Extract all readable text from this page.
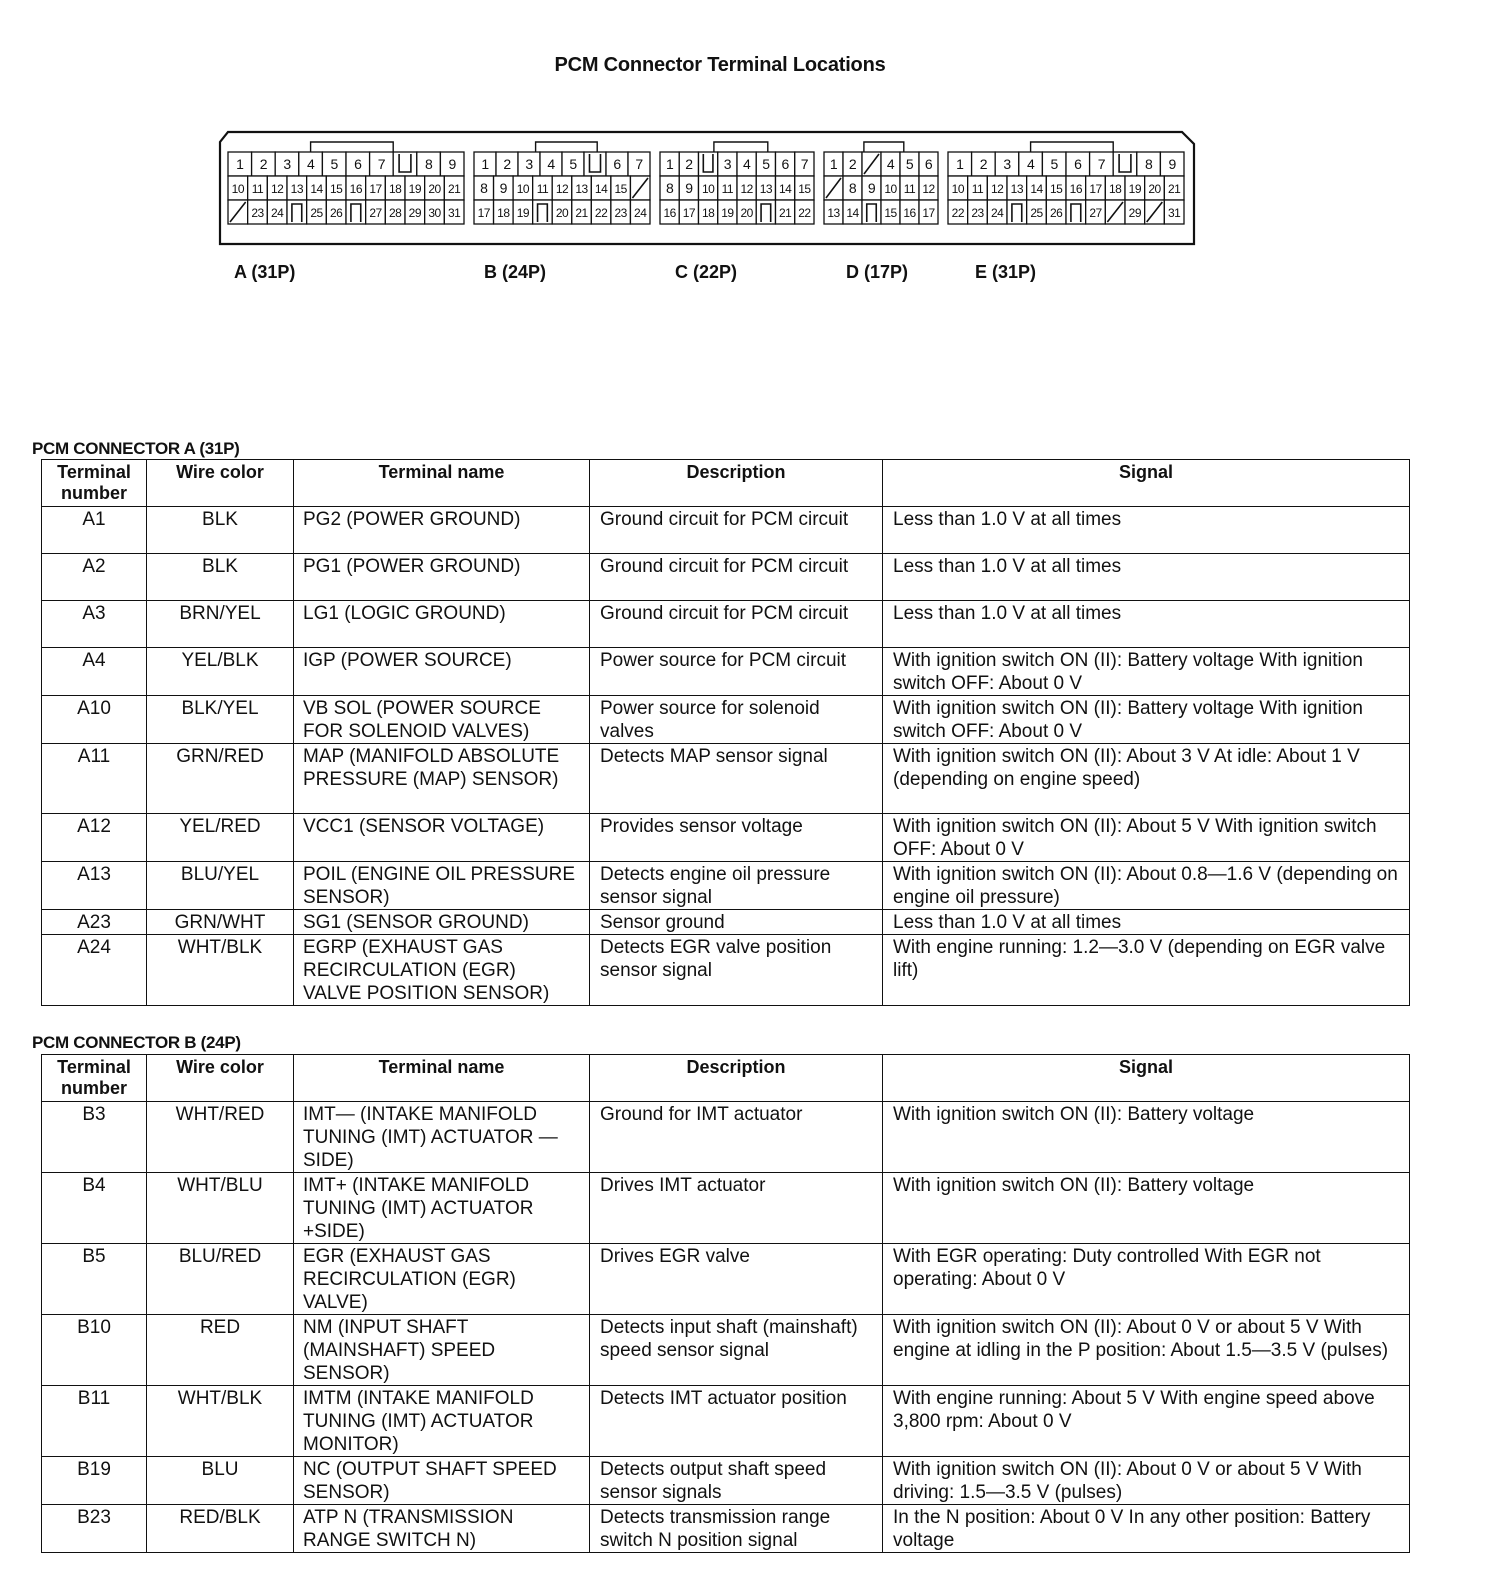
PCM Connector Terminal Locations
1 2 3 4 5 6 7	8 9
10 11 12 13 14 15 16 17 18 19 20 21
23 24 25 26 27 28 29 30 31
1 2 3 4 5	6 7
8 9 10 11 12 13 14 15
17 18 19 20 21 22 23 24
1 2 3 4 5 6 7
8 9 10 11 12 13 14 15
16 17 18 19 20 21 22
1 2 4 5 6
8 9 10 11 12
13 14 15 16 17
1 2 3 4 5 6 7	8 9
10 11 12 13 14 15 16 17 18 19 20 21
22 23 24 25 26 27 29 31
A (31P)	B (24P)	C (22P)	D (17P)	E (31P)
PCM CONNECTOR A (31P)
Terminal number	Wire color	Terminal name	Description	Signal
A1	BLK	PG2 (POWER GROUND)	Ground circuit for PCM circuit	Less than 1.0 V at all times
A2	BLK	PG1 (POWER GROUND)	Ground circuit for PCM circuit	Less than 1.0 V at all times
A3	BRN/YEL	LG1 (LOGIC GROUND)	Ground circuit for PCM circuit	Less than 1.0 V at all times
A4	YEL/BLK	IGP (POWER SOURCE)	Power source for PCM circuit	With ignition switch ON (II): Battery voltage With ignition switch OFF: About 0 V
A10	BLK/YEL	VB SOL (POWER SOURCE FOR SOLENOID VALVES)	Power source for solenoid valves	With ignition switch ON (II): Battery voltage With ignition switch OFF: About 0 V
A11	GRN/RED	MAP (MANIFOLD ABSOLUTE PRESSURE (MAP) SENSOR)	Detects MAP sensor signal	With ignition switch ON (II): About 3 V At idle: About 1 V (depending on engine speed)
A12	YEL/RED	VCC1 (SENSOR VOLTAGE)	Provides sensor voltage	With ignition switch ON (II): About 5 V With ignition switch OFF: About 0 V
A13	BLU/YEL	POIL (ENGINE OIL PRESSURE SENSOR)	Detects engine oil pressure sensor signal	With ignition switch ON (II): About 0.8—1.6 V (depending on engine oil pressure)
A23	GRN/WHT	SG1 (SENSOR GROUND)	Sensor ground	Less than 1.0 V at all times
A24	WHT/BLK	EGRP (EXHAUST GAS RECIRCULATION (EGR) VALVE POSITION SENSOR)	Detects EGR valve position sensor signal	With engine running: 1.2—3.0 V (depending on EGR valve lift)
PCM CONNECTOR B (24P)
Terminal number	Wire color	Terminal name	Description	Signal
B3	WHT/RED	IMT— (INTAKE MANIFOLD TUNING (IMT) ACTUATOR —SIDE)	Ground for IMT actuator	With ignition switch ON (II): Battery voltage
B4	WHT/BLU	IMT+ (INTAKE MANIFOLD TUNING (IMT) ACTUATOR +SIDE)	Drives IMT actuator	With ignition switch ON (II): Battery voltage
B5	BLU/RED	EGR (EXHAUST GAS RECIRCULATION (EGR) VALVE)	Drives EGR valve	With EGR operating: Duty controlled With EGR not operating: About 0 V
B10	RED	NM (INPUT SHAFT (MAINSHAFT) SPEED SENSOR)	Detects input shaft (mainshaft) speed sensor signal	With ignition switch ON (II): About 0 V or about 5 V With engine at idling in the P position: About 1.5—3.5 V (pulses)
B11	WHT/BLK	IMTM (INTAKE MANIFOLD TUNING (IMT) ACTUATOR MONITOR)	Detects IMT actuator position	With engine running: About 5 V With engine speed above 3,800 rpm: About 0 V
B19	BLU	NC (OUTPUT SHAFT SPEED SENSOR)	Detects output shaft speed sensor signals	With ignition switch ON (II): About 0 V or about 5 V With driving: 1.5—3.5 V (pulses)
B23	RED/BLK	ATP N (TRANSMISSION RANGE SWITCH N)	Detects transmission range switch N position signal	In the N position: About 0 V In any other position: Battery voltage
